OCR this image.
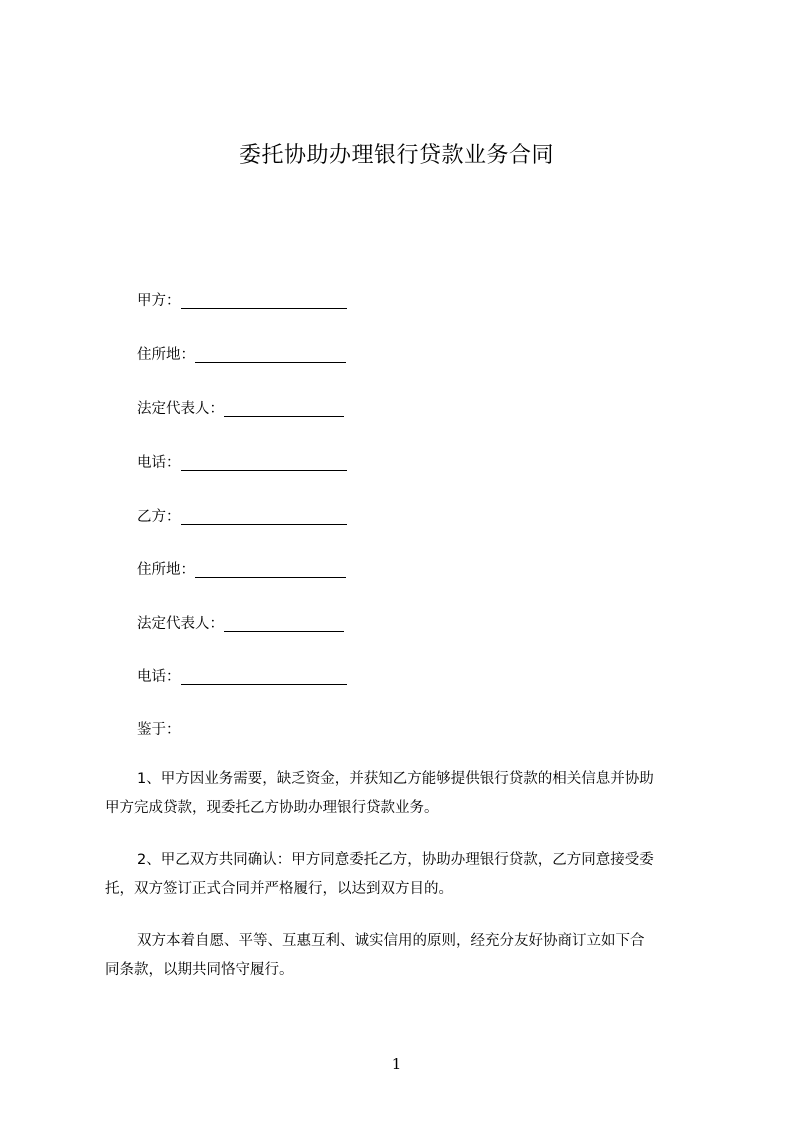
委托协助办理银行贷款业务合同
甲方：
住所地：
法定代表人：
电话：
乙方：
住所地：
法定代表人：
电话：
鉴于：

1、甲方因业务需要，缺乏资金，并获知乙方能够提供银行贷款的相关信息并协助
甲方完成贷款，现委托乙方协助办理银行贷款业务。

2、甲乙双方共同确认：甲方同意委托乙方，协助办理银行贷款，乙方同意接受委
托，双方签订正式合同并严格履行，以达到双方目的。

双方本着自愿、平等、互惠互利、诚实信用的原则，经充分友好协商订立如下合
同条款，以期共同恪守履行。

1
